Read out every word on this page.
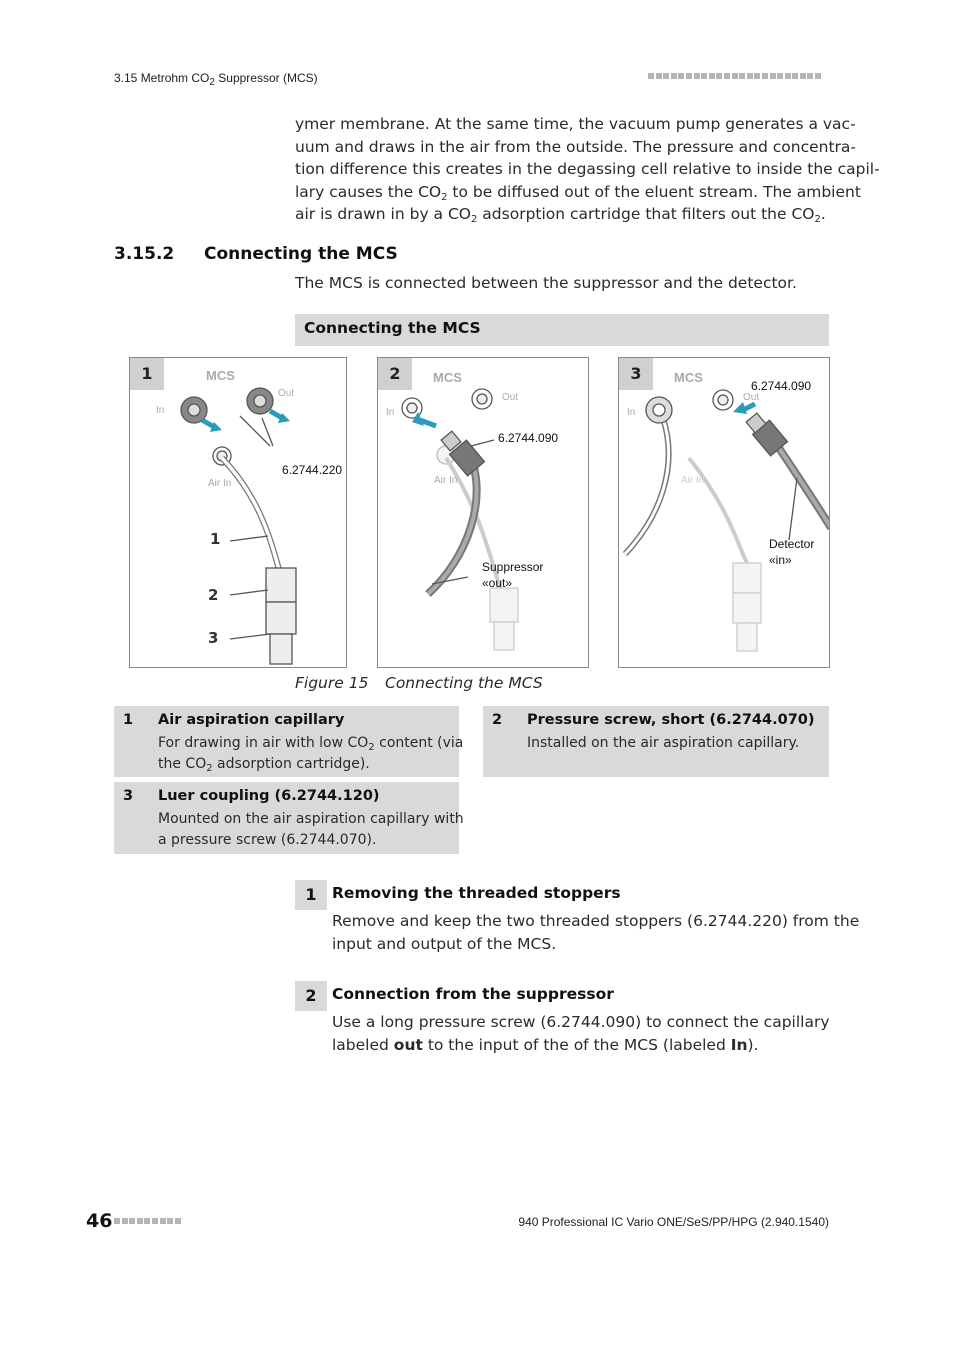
3.15 Metrohm $CO_2$ Suppressor (MCS)
ymer membrane. At the same time, the vacuum pump generates a vac-
uum and draws in the air from the outside. The pressure and concentra-
tion difference this creates in the degassing cell relative to inside the capil-
lary causes the $CO_2$ to be diffused out of the eluent stream. The ambient
air is drawn in by a $CO_2$ adsorption cartridge that filters out the $CO_2$.
3.15.2 Connecting the MCS
The MCS is connected between the suppressor and the detector.
Connecting the MCS
1	MCS
In
Out
Air In
6.2744.220
1
2
3
2	MCS
In
Out
Air In
6.2744.090
Suppressor
«out»
3	MCS
In
Out
Air In
6.2744.090
Detector
«in»
Figure 15 Connecting the MCS
1 Air aspiration capillary
For drawing in air with low $CO_2$ content (via
the $CO_2$ adsorption cartridge).
2 Pressure screw, short (6.2744.070)
Installed on the air aspiration capillary.
3 Luer coupling (6.2744.120)
Mounted on the air aspiration capillary with
a pressure screw (6.2744.070).
1 Removing the threaded stoppers
Remove and keep the two threaded stoppers (6.2744.220) from the
input and output of the MCS.
2 Connection from the suppressor
Use a long pressure screw (6.2744.090) to connect the capillary
labeled out to the input of the of the MCS (labeled In).
46	940 Professional IC Vario ONE/SeS/PP/HPG (2.940.1540)
